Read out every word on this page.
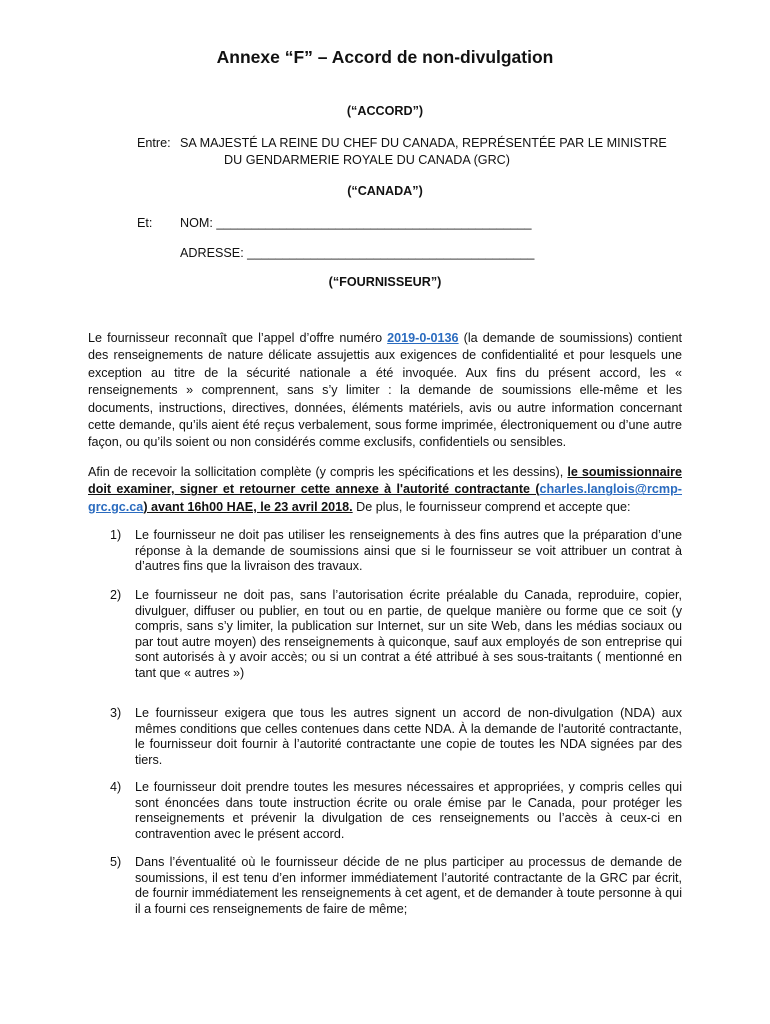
Annexe “F” – Accord de non-divulgation
(“ACCORD”)
Entre: SA MAJESTÉ LA REINE DU CHEF DU CANADA, REPRÉSENTÉE PAR LE MINISTRE
DU GENDARMERIE ROYALE DU CANADA (GRC)
(“CANADA”)
Et: NOM: _____________________________________________
ADRESSE: _________________________________________
(“FOURNISSEUR”)
Le fournisseur reconnaît que l’appel d’offre numéro 2019-0-0136 (la demande de soumissions) contient des renseignements de nature délicate assujettis aux exigences de confidentialité et pour lesquels une exception au titre de la sécurité nationale a été invoquée. Aux fins du présent accord, les « renseignements » comprennent, sans s’y limiter : la demande de soumissions elle-même et les documents, instructions, directives, données, éléments matériels, avis ou autre information concernant cette demande, qu’ils aient été reçus verbalement, sous forme imprimée, électroniquement ou d’une autre façon, ou qu’ils soient ou non considérés comme exclusifs, confidentiels ou sensibles.
Afin de recevoir la sollicitation complète (y compris les spécifications et les dessins), le soumissionnaire doit examiner, signer et retourner cette annexe à l'autorité contractante (charles.langlois@rcmp-grc.gc.ca) avant 16h00 HAE, le 23 avril 2018. De plus, le fournisseur comprend et accepte que:
1) Le fournisseur ne doit pas utiliser les renseignements à des fins autres que la préparation d’une réponse à la demande de soumissions ainsi que si le fournisseur se voit attribuer un contrat à d’autres fins que la livraison des travaux.
2) Le fournisseur ne doit pas, sans l’autorisation écrite préalable du Canada, reproduire, copier, divulguer, diffuser ou publier, en tout ou en partie, de quelque manière ou forme que ce soit (y compris, sans s’y limiter, la publication sur Internet, sur un site Web, dans les médias sociaux ou par tout autre moyen) des renseignements à quiconque, sauf aux employés de son entreprise qui sont autorisés à y avoir accès; ou si un contrat a été attribué à ses sous-traitants ( mentionné en tant que « autres »)
3) Le fournisseur exigera que tous les autres signent un accord de non-divulgation (NDA) aux mêmes conditions que celles contenues dans cette NDA. À la demande de l'autorité contractante, le fournisseur doit fournir à l’autorité contractante une copie de toutes les NDA signées par des tiers.
4) Le fournisseur doit prendre toutes les mesures nécessaires et appropriées, y compris celles qui sont énoncées dans toute instruction écrite ou orale émise par le Canada, pour protéger les renseignements et prévenir la divulgation de ces renseignements ou l’accès à ceux-ci en contravention avec le présent accord.
5) Dans l’éventualité où le fournisseur décide de ne plus participer au processus de demande de soumissions, il est tenu d’en informer immédiatement l’autorité contractante de la GRC par écrit, de fournir immédiatement les renseignements à cet agent, et de demander à toute personne à qui il a fourni ces renseignements de faire de même;
